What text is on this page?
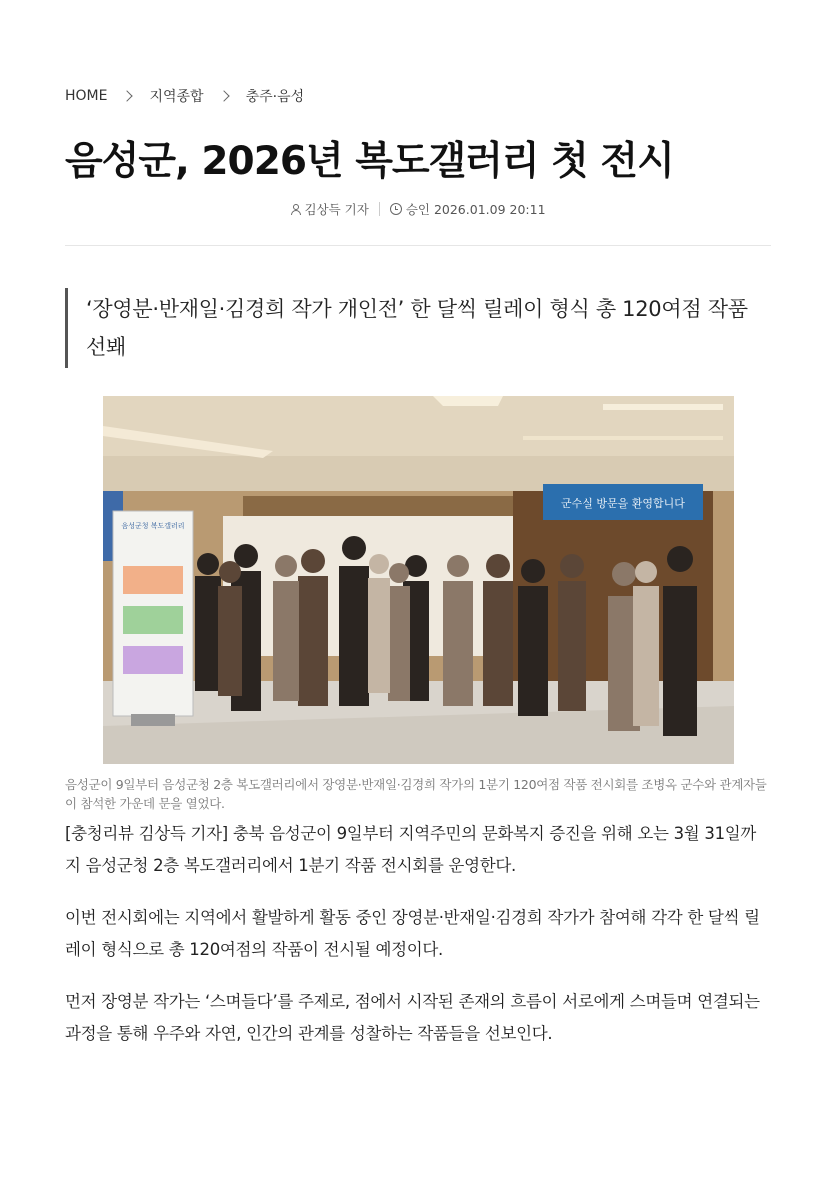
HOME	지역종합	충주·음성
음성군, 2026년 복도갤러리 첫 전시
김상득 기자	승인 2026.01.09 20:11
‘장영분·반재일·김경희 작가 개인전’ 한 달씩 릴레이 형식 총 120여점 작품 선봬
군수실 방문을 환영합니다
음성군청 복도갤러리
음성군이 9일부터 음성군청 2층 복도갤러리에서 장영분·반재일·김경희 작가의 1분기 120여점 작품 전시회를 조병옥 군수와 관계자들이 참석한 가운데 문을 열었다.

[충청리뷰 김상득 기자] 충북 음성군이 9일부터 지역주민의 문화복지 증진을 위해 오는 3월 31일까지 음성군청 2층 복도갤러리에서 1분기 작품 전시회를 운영한다.

이번 전시회에는 지역에서 활발하게 활동 중인 장영분·반재일·김경희 작가가 참여해 각각 한 달씩 릴레이 형식으로 총 120여점의 작품이 전시될 예정이다.

먼저 장영분 작가는 ‘스며들다’를 주제로, 점에서 시작된 존재의 흐름이 서로에게 스며들며 연결되는 과정을 통해 우주와 자연, 인간의 관계를 성찰하는 작품들을 선보인다.
